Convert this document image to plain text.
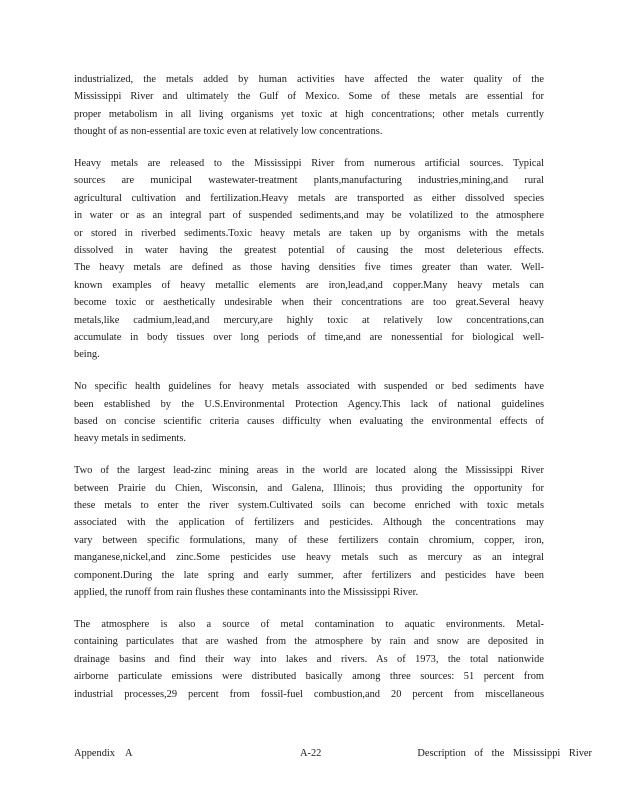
industrialized, the metals added by human activities have affected the water quality of the
Mississippi River and ultimately the Gulf of Mexico. Some of these metals are essential for
proper metabolism in all living organisms yet toxic at high concentrations; other metals currently
thought of as non-essential are toxic even at relatively low concentrations.
Heavy metals are released to the Mississippi River from numerous artificial sources. Typical
sources are municipal wastewater-treatment plants,manufacturing industries,mining,and rural
agricultural cultivation and fertilization.Heavy metals are transported as either dissolved species
in water or as an integral part of suspended sediments,and may be volatilized to the atmosphere
or stored in riverbed sediments.Toxic heavy metals are taken up by organisms with the metals
dissolved in water having the greatest potential of causing the most deleterious effects.
The heavy metals are defined as those having densities five times greater than water. Well-
known examples of heavy metallic elements are iron,lead,and copper.Many heavy metals can
become toxic or aesthetically undesirable when their concentrations are too great.Several heavy
metals,like cadmium,lead,and mercury,are highly toxic at relatively low concentrations,can
accumulate in body tissues over long periods of time,and are nonessential for biological well-
being.
No specific health guidelines for heavy metals associated with suspended or bed sediments have
been established by the U.S.Environmental Protection Agency.This lack of national guidelines
based on concise scientific criteria causes difficulty when evaluating the environmental effects of
heavy metals in sediments.
Two of the largest lead-zinc mining areas in the world are located along the Mississippi River
between Prairie du Chien, Wisconsin, and Galena, Illinois; thus providing the opportunity for
these metals to enter the river system.Cultivated soils can become enriched with toxic metals
associated with the application of fertilizers and pesticides. Although the concentrations may
vary between specific formulations, many of these fertilizers contain chromium, copper, iron,
manganese,nickel,and zinc.Some pesticides use heavy metals such as mercury as an integral
component.During the late spring and early summer, after fertilizers and pesticides have been
applied, the runoff from rain flushes these contaminants into the Mississippi River.
The atmosphere is also a source of metal contamination to aquatic environments. Metal-
containing particulates that are washed from the atmosphere by rain and snow are deposited in
drainage basins and find their way into lakes and rivers. As of 1973, the total nationwide
airborne particulate emissions were distributed basically among three sources: 51 percent from
industrial processes,29 percent from fossil-fuel combustion,and 20 percent from miscellaneous
Appendix A	A-22	Description of the Mississippi River
